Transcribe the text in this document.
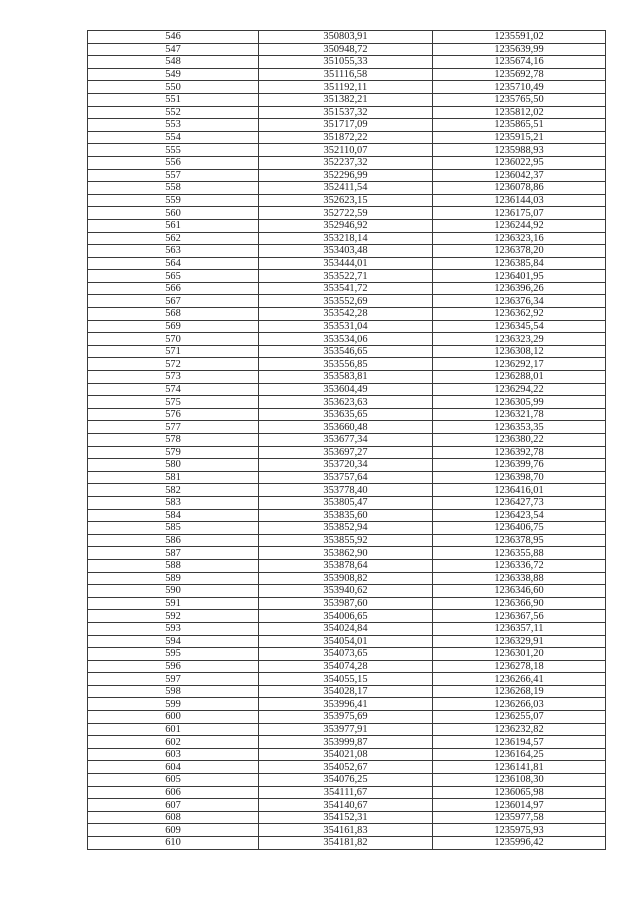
546	350803,91	1235591,02
547	350948,72	1235639,99
548	351055,33	1235674,16
549	351116,58	1235692,78
550	351192,11	1235710,49
551	351382,21	1235765,50
552	351537,32	1235812,02
553	351717,09	1235865,51
554	351872,22	1235915,21
555	352110,07	1235988,93
556	352237,32	1236022,95
557	352296,99	1236042,37
558	352411,54	1236078,86
559	352623,15	1236144,03
560	352722,59	1236175,07
561	352946,92	1236244,92
562	353218,14	1236323,16
563	353403,48	1236378,20
564	353444,01	1236385,84
565	353522,71	1236401,95
566	353541,72	1236396,26
567	353552,69	1236376,34
568	353542,28	1236362,92
569	353531,04	1236345,54
570	353534,06	1236323,29
571	353546,65	1236308,12
572	353556,85	1236292,17
573	353583,81	1236288,01
574	353604,49	1236294,22
575	353623,63	1236305,99
576	353635,65	1236321,78
577	353660,48	1236353,35
578	353677,34	1236380,22
579	353697,27	1236392,78
580	353720,34	1236399,76
581	353757,64	1236398,70
582	353778,40	1236416,01
583	353805,47	1236427,73
584	353835,60	1236423,54
585	353852,94	1236406,75
586	353855,92	1236378,95
587	353862,90	1236355,88
588	353878,64	1236336,72
589	353908,82	1236338,88
590	353940,62	1236346,60
591	353987,60	1236366,90
592	354006,65	1236367,56
593	354024,84	1236357,11
594	354054,01	1236329,91
595	354073,65	1236301,20
596	354074,28	1236278,18
597	354055,15	1236266,41
598	354028,17	1236268,19
599	353996,41	1236266,03
600	353975,69	1236255,07
601	353977,91	1236232,82
602	353999,87	1236194,57
603	354021,08	1236164,25
604	354052,67	1236141,81
605	354076,25	1236108,30
606	354111,67	1236065,98
607	354140,67	1236014,97
608	354152,31	1235977,58
609	354161,83	1235975,93
610	354181,82	1235996,42
